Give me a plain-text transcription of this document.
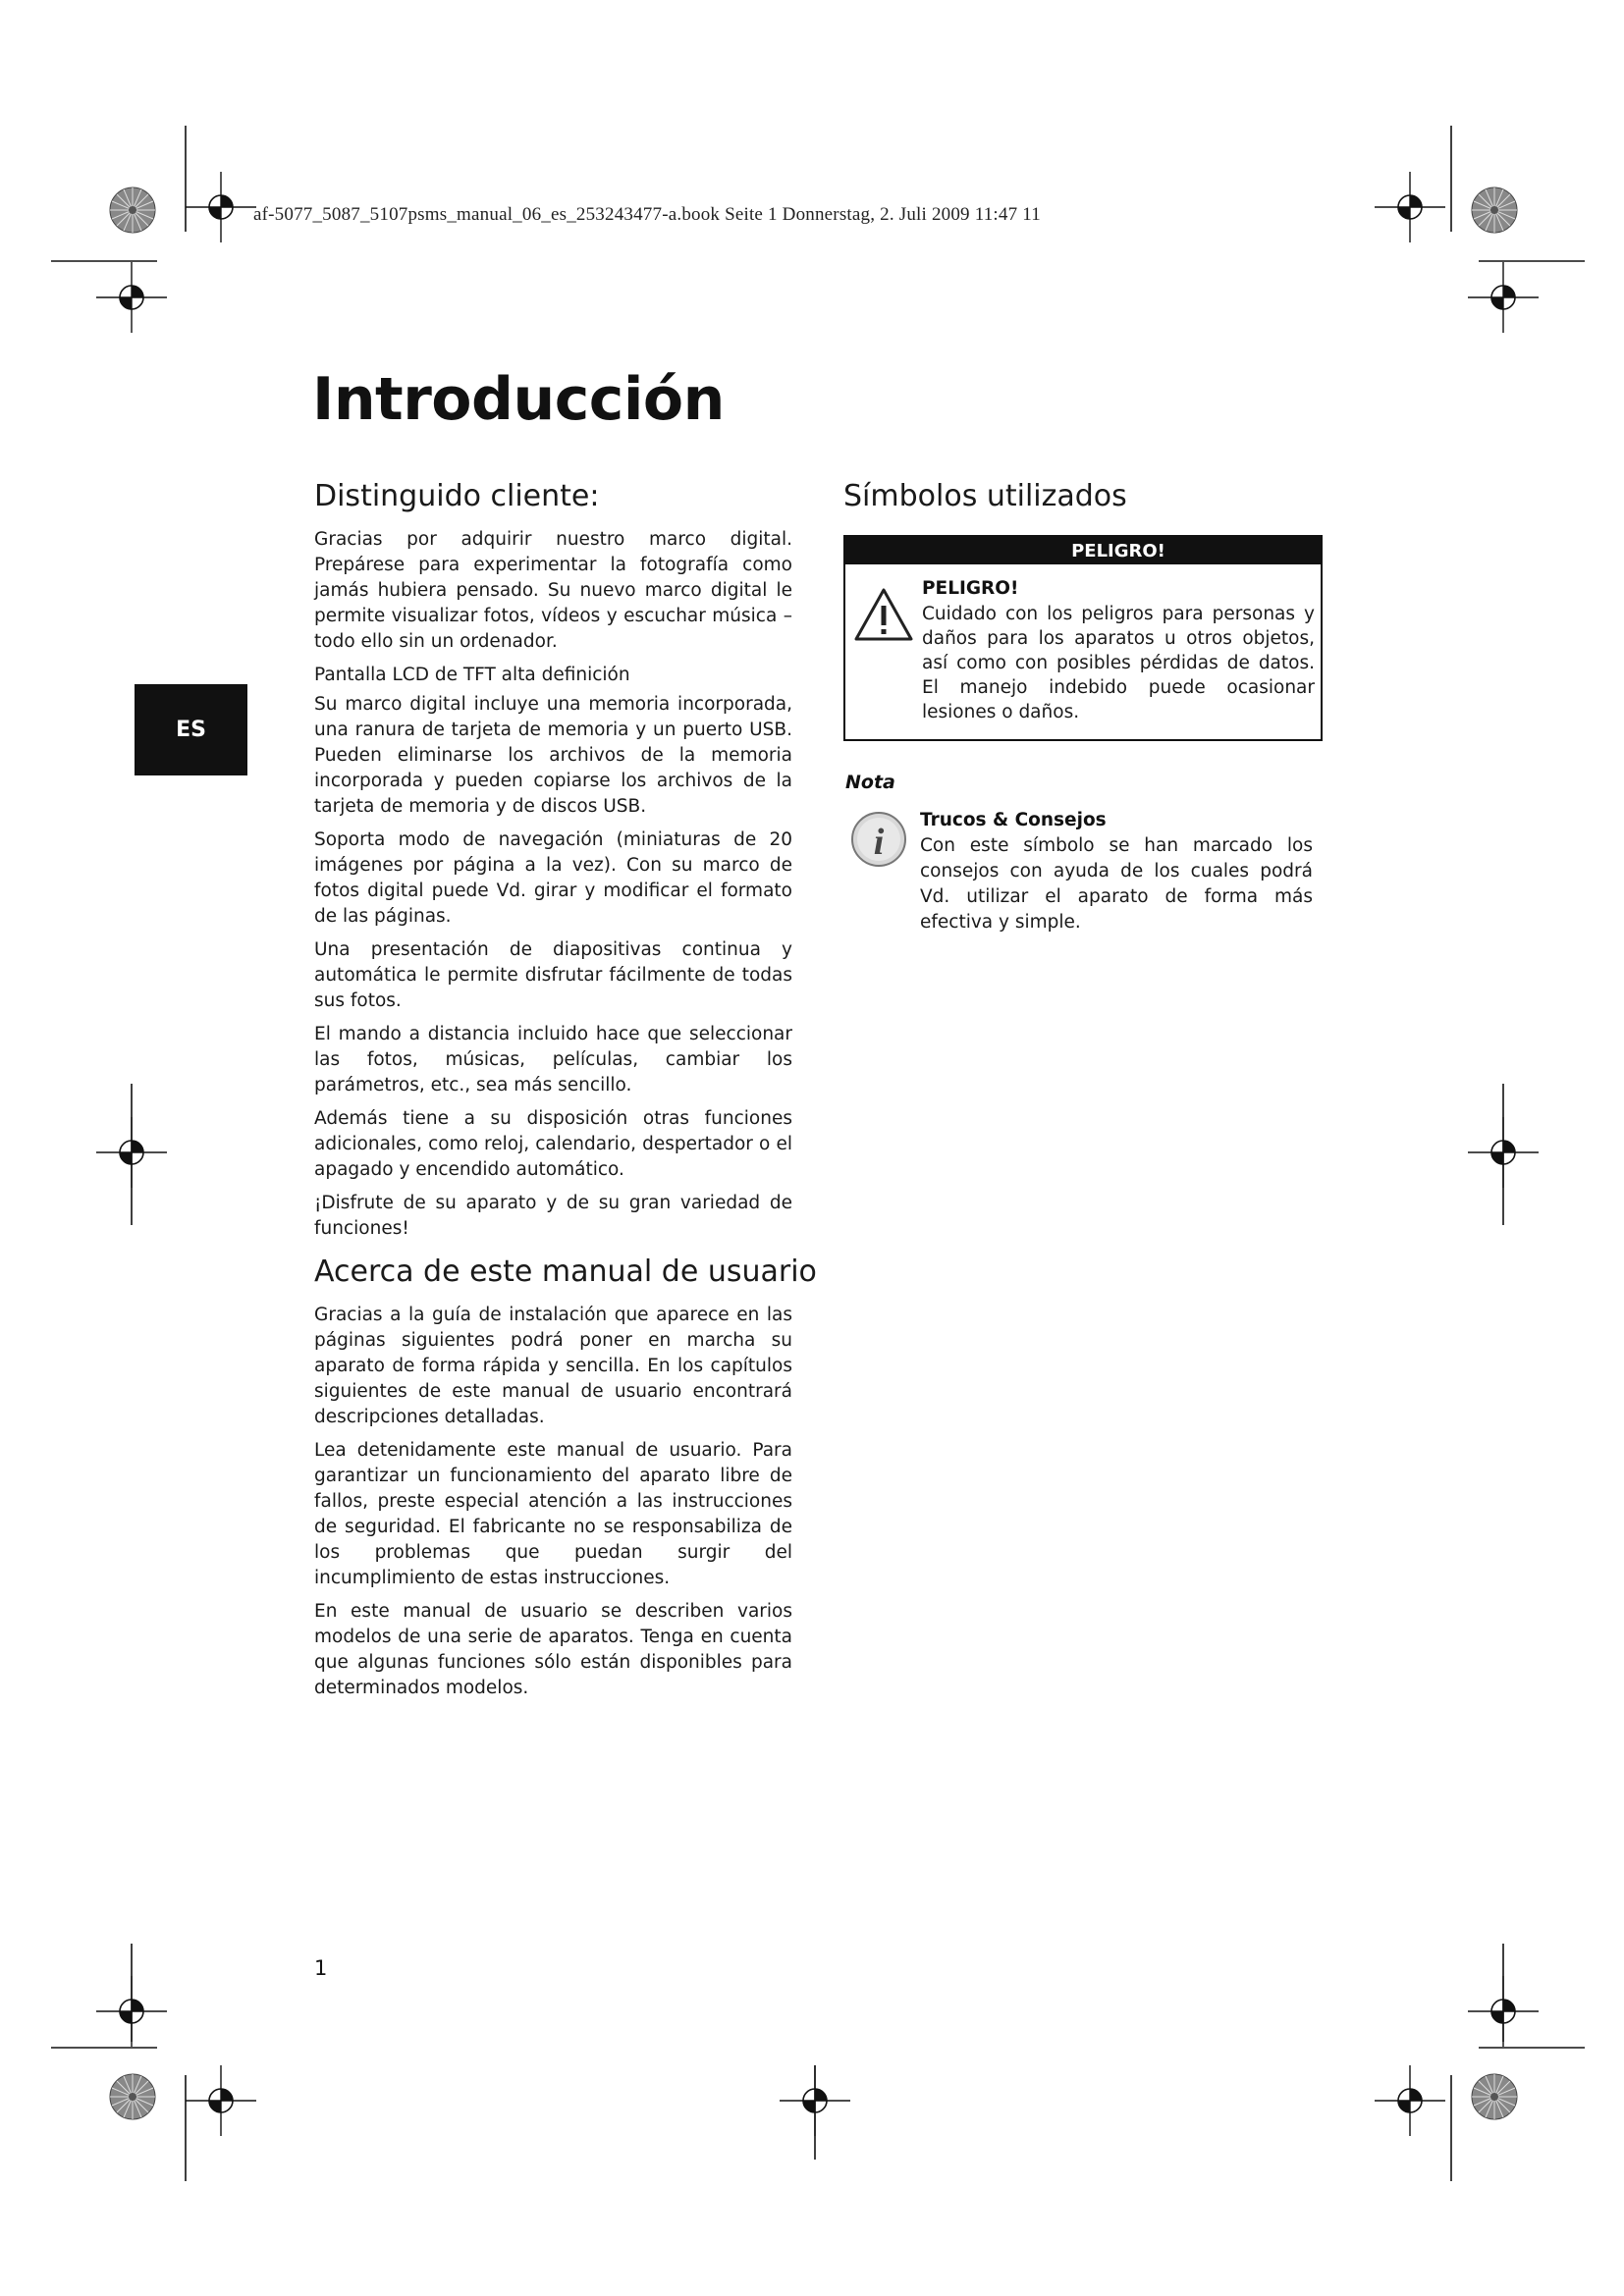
af-5077_5087_5107psms_manual_06_es_253243477-a.book Seite 1 Donnerstag, 2. Juli 2009 11:47 11
ES
Introducción
Distinguido cliente:

Gracias por adquirir nuestro marco digital. Prepárese para experimentar la fotografía como jamás hubiera pensado. Su nuevo marco digital le permite visualizar fotos, vídeos y escuchar música – todo ello sin un ordenador.

Pantalla LCD de TFT alta definición

Su marco digital incluye una memoria incorporada, una ranura de tarjeta de memoria y un puerto USB. Pueden eliminarse los archivos de la memoria incorporada y pueden copiarse los archivos de la tarjeta de memoria y de discos USB.

Soporta modo de navegación (miniaturas de 20 imágenes por página a la vez). Con su marco de fotos digital puede Vd. girar y modificar el formato de las páginas.

Una presentación de diapositivas continua y automática le permite disfrutar fácilmente de todas sus fotos.

El mando a distancia incluido hace que seleccionar las fotos, músicas, películas, cambiar los parámetros, etc., sea más sencillo.

Además tiene a su disposición otras funciones adicionales, como reloj, calendario, despertador o el apagado y encendido automático.

¡Disfrute de su aparato y de su gran variedad de funciones!

Acerca de este manual de usuario

Gracias a la guía de instalación que aparece en las páginas siguientes podrá poner en marcha su aparato de forma rápida y sencilla. En los capítulos siguientes de este manual de usuario encontrará descripciones detalladas.

Lea detenidamente este manual de usuario. Para garantizar un funcionamiento del aparato libre de fallos, preste especial atención a las instrucciones de seguridad. El fabricante no se responsabiliza de los problemas que puedan surgir del incumplimiento de estas instrucciones.

En este manual de usuario se describen varios modelos de una serie de aparatos. Tenga en cuenta que algunas funciones sólo están disponibles para determinados modelos.

Símbolos utilizados
PELIGRO!

PELIGRO!

Cuidado con los peligros para personas y daños para los aparatos u otros objetos, así como con posibles pérdidas de datos. El manejo indebido puede ocasionar lesiones o daños.

Nota
i

Trucos & Consejos

Con este símbolo se han marcado los consejos con ayuda de los cuales podrá Vd. utilizar el aparato de forma más efectiva y simple.

1
